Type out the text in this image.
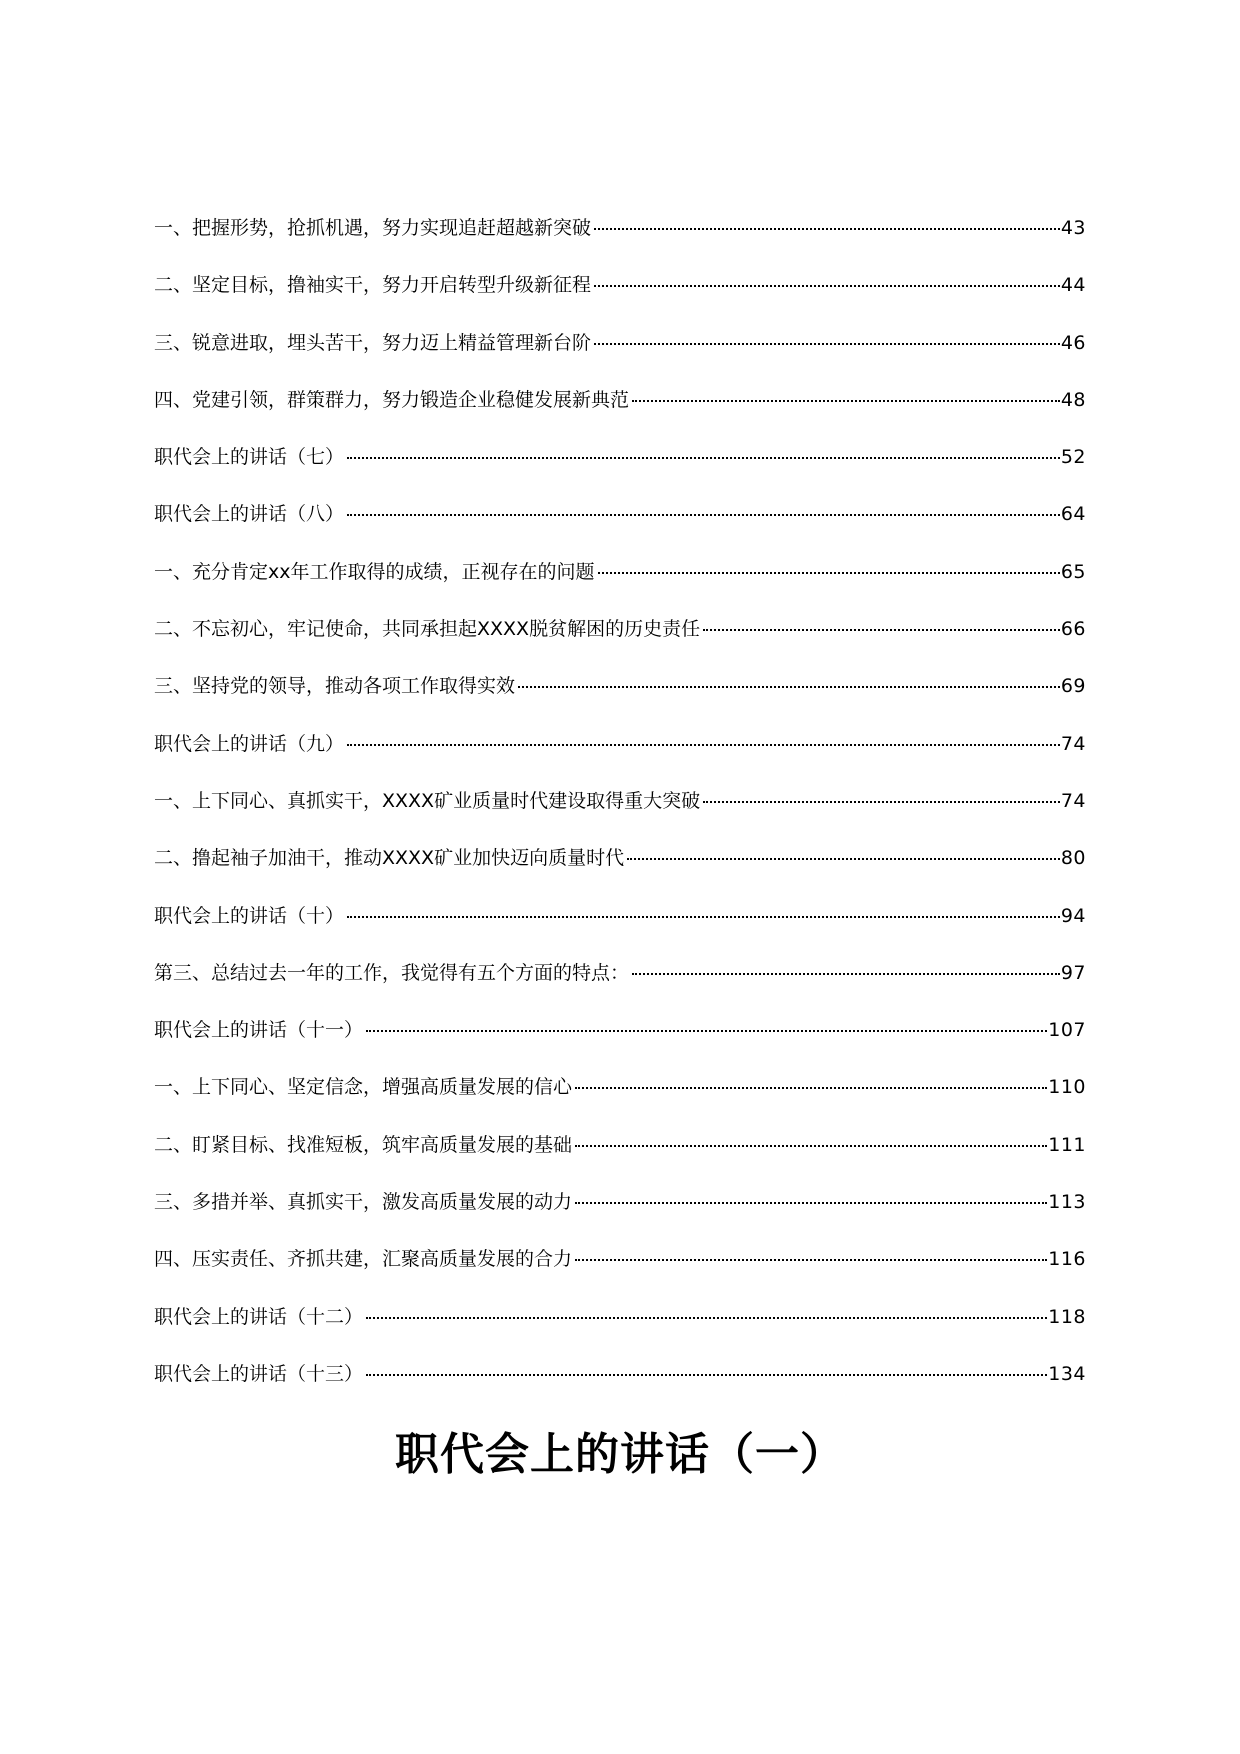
一、把握形势，抢抓机遇，努力实现追赶超越新突破	43
二、坚定目标，撸袖实干，努力开启转型升级新征程	44
三、锐意进取，埋头苦干，努力迈上精益管理新台阶	46
四、党建引领，群策群力，努力锻造企业稳健发展新典范	48
职代会上的讲话（七）	52
职代会上的讲话（八）	64
一、充分肯定xx年工作取得的成绩，正视存在的问题	65
二、不忘初心，牢记使命，共同承担起XXXX脱贫解困的历史责任	66
三、坚持党的领导，推动各项工作取得实效	69
职代会上的讲话（九）	74
一、上下同心、真抓实干，XXXX矿业质量时代建设取得重大突破	74
二、撸起袖子加油干，推动XXXX矿业加快迈向质量时代	80
职代会上的讲话（十）	94
第三、总结过去一年的工作，我觉得有五个方面的特点：	97
职代会上的讲话（十一）	107
一、上下同心、坚定信念，增强高质量发展的信心	110
二、盯紧目标、找准短板，筑牢高质量发展的基础	111
三、多措并举、真抓实干，激发高质量发展的动力	113
四、压实责任、齐抓共建，汇聚高质量发展的合力	116
职代会上的讲话（十二）	118
职代会上的讲话（十三）	134
职代会上的讲话（一）
